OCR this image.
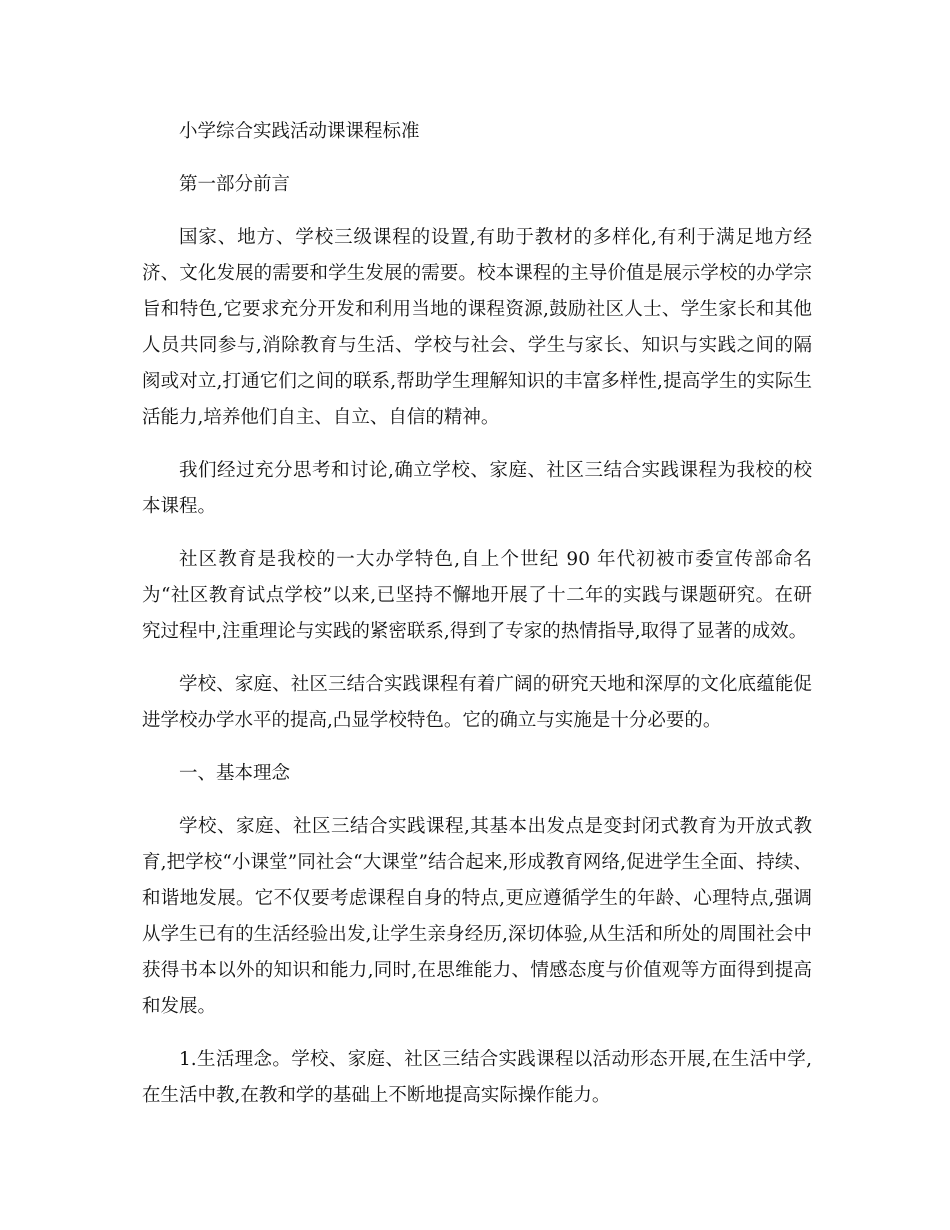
小学综合实践活动课课程标准

第一部分前言

国家、地方、学校三级课程的设置,有助于教材的多样化,有利于满足地方经济、文化发展的需要和学生发展的需要。校本课程的主导价值是展示学校的办学宗旨和特色,它要求充分开发和利用当地的课程资源,鼓励社区人士、学生家长和其他人员共同参与,消除教育与生活、学校与社会、学生与家长、知识与实践之间的隔阂或对立,打通它们之间的联系,帮助学生理解知识的丰富多样性,提高学生的实际生活能力,培养他们自主、自立、自信的精神。

我们经过充分思考和讨论,确立学校、家庭、社区三结合实践课程为我校的校本课程。

社区教育是我校的一大办学特色,自上个世纪 90 年代初被市委宣传部命名为“社区教育试点学校”以来,已坚持不懈地开展了十二年的实践与课题研究。在研究过程中,注重理论与实践的紧密联系,得到了专家的热情指导,取得了显著的成效。

学校、家庭、社区三结合实践课程有着广阔的研究天地和深厚的文化底蕴能促进学校办学水平的提高,凸显学校特色。它的确立与实施是十分必要的。

一、基本理念

学校、家庭、社区三结合实践课程,其基本出发点是变封闭式教育为开放式教育,把学校“小课堂”同社会“大课堂”结合起来,形成教育网络,促进学生全面、持续、和谐地发展。它不仅要考虑课程自身的特点,更应遵循学生的年龄、心理特点,强调从学生已有的生活经验出发,让学生亲身经历,深切体验,从生活和所处的周围社会中获得书本以外的知识和能力,同时,在思维能力、情感态度与价值观等方面得到提高和发展。

1.生活理念。学校、家庭、社区三结合实践课程以活动形态开展,在生活中学,在生活中教,在教和学的基础上不断地提高实际操作能力。
